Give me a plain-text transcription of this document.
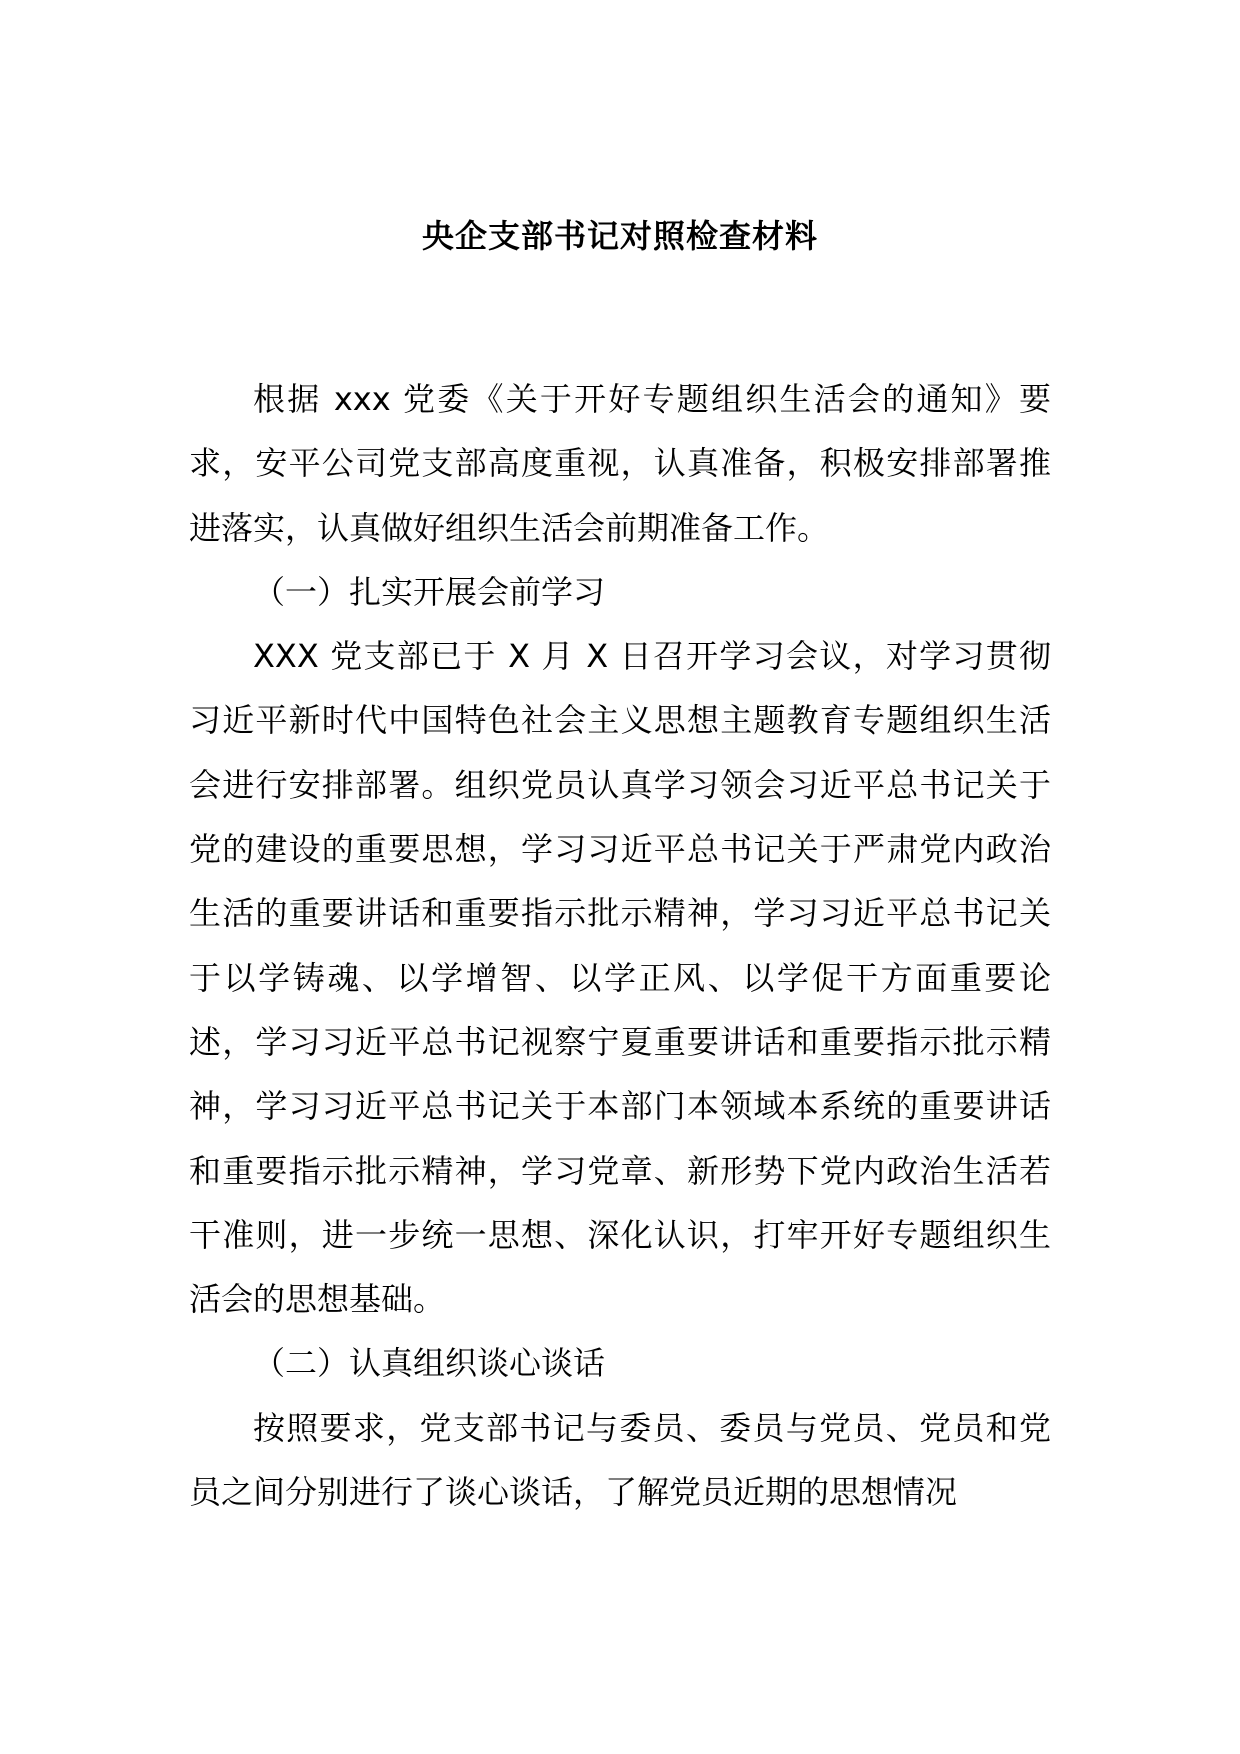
央企支部书记对照检查材料

根据 xxx 党委《关于开好专题组织生活会的通知》要求，安平公司党支部高度重视，认真准备，积极安排部署推进落实，认真做好组织生活会前期准备工作。

（一）扎实开展会前学习

XXX 党支部已于 X 月 X 日召开学习会议，对学习贯彻习近平新时代中国特色社会主义思想主题教育专题组织生活会进行安排部署。组织党员认真学习领会习近平总书记关于党的建设的重要思想，学习习近平总书记关于严肃党内政治生活的重要讲话和重要指示批示精神，学习习近平总书记关于以学铸魂、以学增智、以学正风、以学促干方面重要论述，学习习近平总书记视察宁夏重要讲话和重要指示批示精神，学习习近平总书记关于本部门本领域本系统的重要讲话和重要指示批示精神，学习党章、新形势下党内政治生活若干准则，进一步统一思想、深化认识，打牢开好专题组织生活会的思想基础。

（二）认真组织谈心谈话

按照要求，党支部书记与委员、委员与党员、党员和党员之间分别进行了谈心谈话，了解党员近期的思想情况
